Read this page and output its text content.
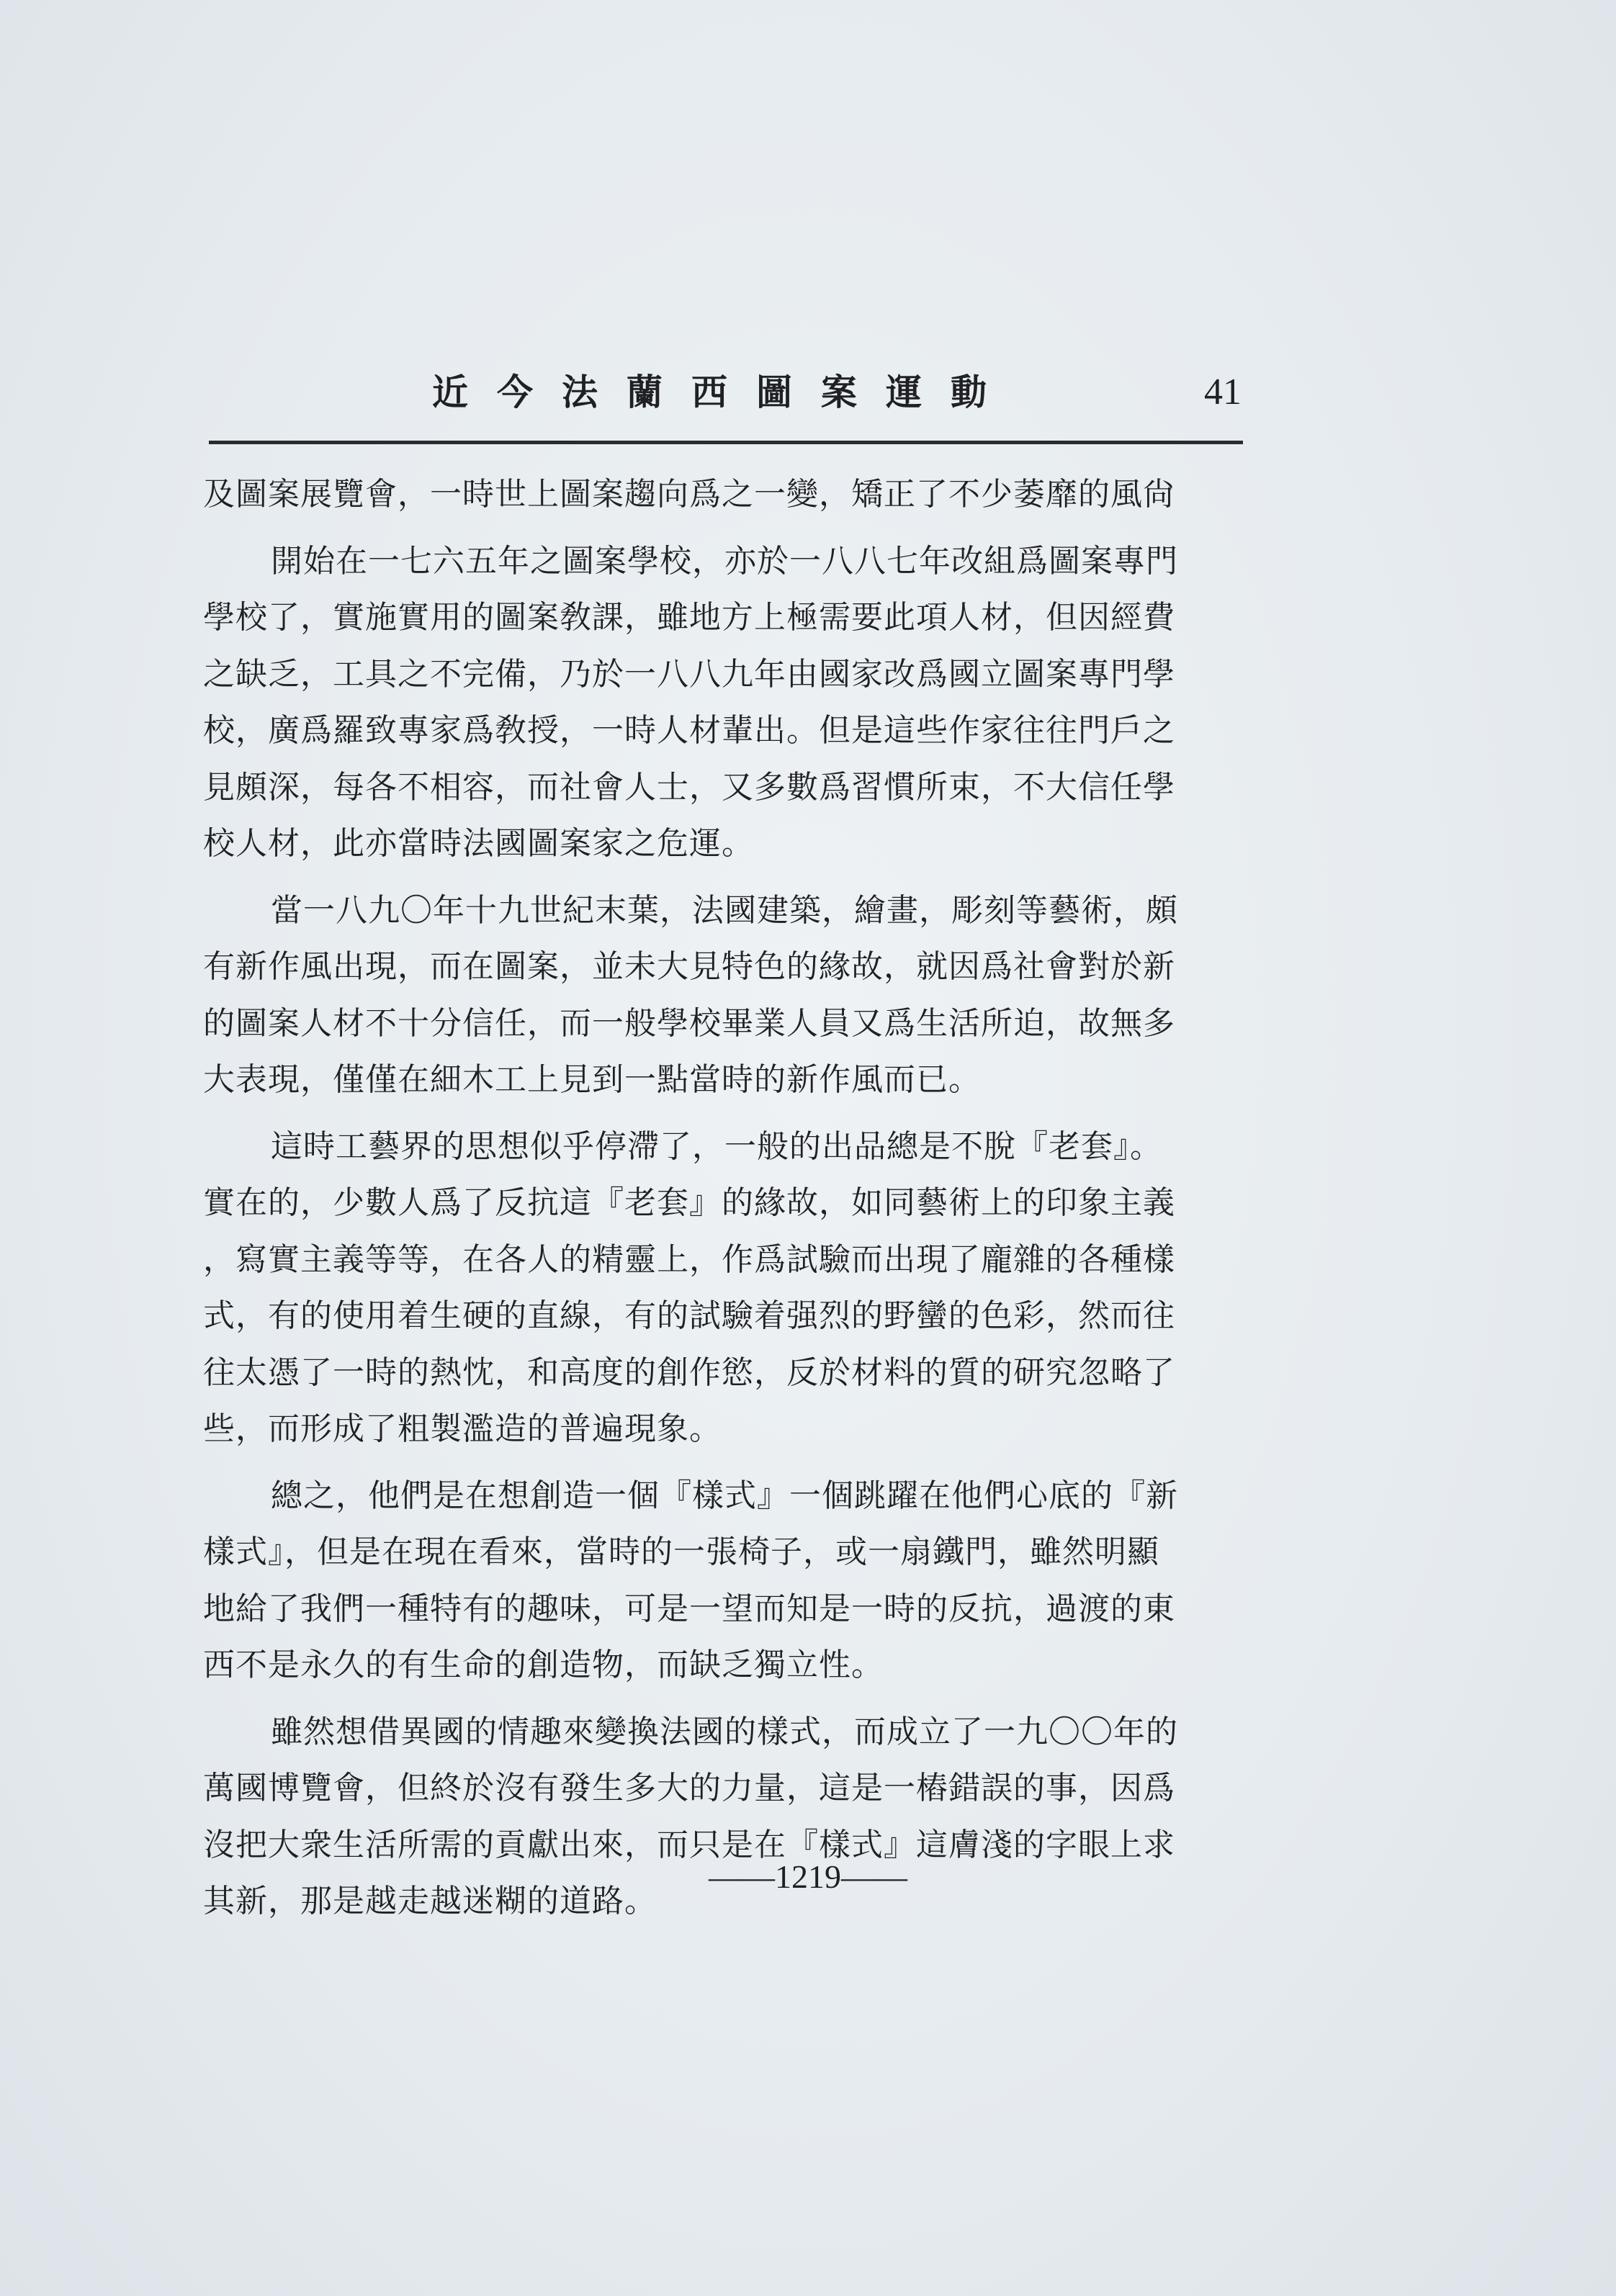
近今法蘭西圖案運動	41
及圖案展覽會，一時世上圖案趨向爲之一變，矯正了不少萎靡的風尙
開始在一七六五年之圖案學校，亦於一八八七年改組爲圖案專門
學校了，實施實用的圖案敎課，雖地方上極需要此項人材，但因經費
之缺乏，工具之不完備，乃於一八八九年由國家改爲國立圖案專門學
校，廣爲羅致專家爲敎授，一時人材輩出。但是這些作家往往門戶之
見頗深，每各不相容，而社會人士，又多數爲習慣所束，不大信任學
校人材，此亦當時法國圖案家之危運。
當一八九〇年十九世紀末葉，法國建築，繪畫，彫刻等藝術，頗
有新作風出現，而在圖案，並未大見特色的緣故，就因爲社會對於新
的圖案人材不十分信任，而一般學校畢業人員又爲生活所迫，故無多
大表現，僅僅在細木工上見到一點當時的新作風而已。
這時工藝界的思想似乎停滯了，一般的出品總是不脫『老套』。
實在的，少數人爲了反抗這『老套』的緣故，如同藝術上的印象主義
，寫實主義等等，在各人的精靈上，作爲試驗而出現了龐雜的各種樣
式，有的使用着生硬的直線，有的試驗着强烈的野蠻的色彩，然而往
往太憑了一時的熱忱，和高度的創作慾，反於材料的質的研究忽略了
些，而形成了粗製濫造的普遍現象。
總之，他們是在想創造一個『樣式』一個跳躍在他們心底的『新
樣式』，但是在現在看來，當時的一張椅子，或一扇鐵門，雖然明顯
地給了我們一種特有的趣味，可是一望而知是一時的反抗，過渡的東
西不是永久的有生命的創造物，而缺乏獨立性。
雖然想借異國的情趣來變換法國的樣式，而成立了一九〇〇年的
萬國博覽會，但終於沒有發生多大的力量，這是一樁錯誤的事，因爲
沒把大衆生活所需的貢獻出來，而只是在『樣式』這膚淺的字眼上求
其新，那是越走越迷糊的道路。
——1219——
